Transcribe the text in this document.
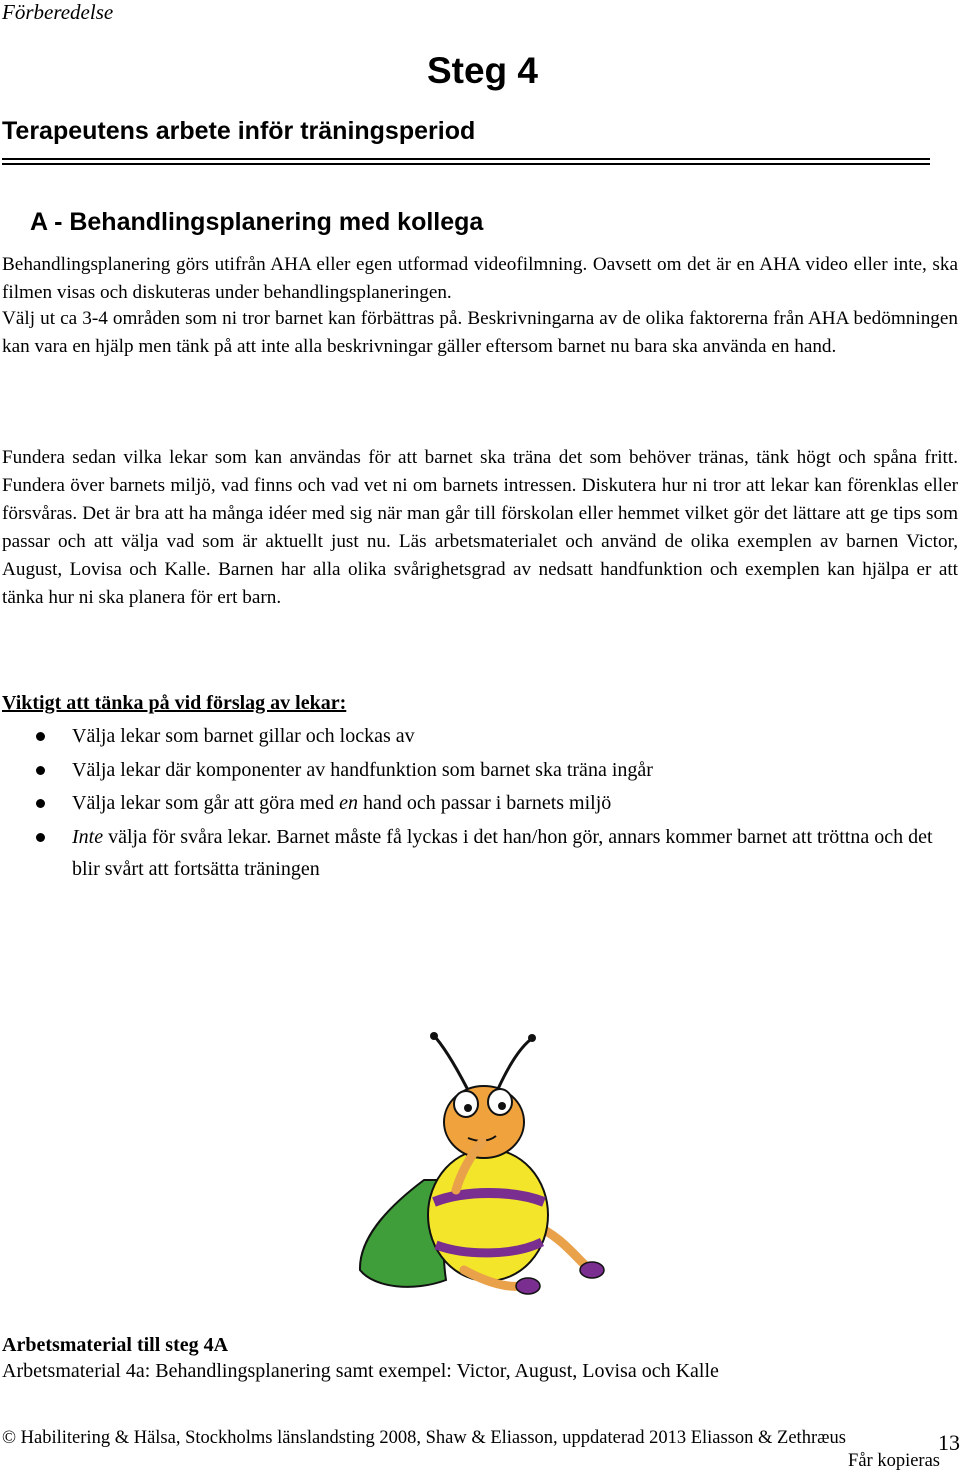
Förberedelse
Steg 4
Terapeutens arbete inför träningsperiod
A - Behandlingsplanering med kollega
Behandlingsplanering görs utifrån AHA eller egen utformad videofilmning. Oavsett om det är en AHA video eller inte, ska filmen visas och diskuteras under behandlingsplaneringen.
Välj ut ca 3-4 områden som ni tror barnet kan förbättras på. Beskrivningarna av de olika faktorerna från AHA bedömningen kan vara en hjälp men tänk på att inte alla beskrivningar gäller eftersom barnet nu bara ska använda en hand.
Fundera sedan vilka lekar som kan användas för att barnet ska träna det som behöver tränas, tänk högt och spåna fritt. Fundera över barnets miljö, vad finns och vad vet ni om barnets intressen. Diskutera hur ni tror att lekar kan förenklas eller försvåras. Det är bra att ha många idéer med sig när man går till förskolan eller hemmet vilket gör det lättare att ge tips som passar och att välja vad som är aktuellt just nu. Läs arbetsmaterialet och använd de olika exemplen av barnen Victor, August, Lovisa och Kalle. Barnen har alla olika svårighetsgrad av nedsatt handfunktion och exemplen kan hjälpa er att tänka hur ni ska planera för ert barn.
Viktigt att tänka på vid förslag av lekar:
Välja lekar som barnet gillar och lockas av
Välja lekar där komponenter av handfunktion som barnet ska träna ingår
Välja lekar som går att göra med en hand och passar i barnets miljö
Inte välja för svåra lekar. Barnet måste få lyckas i det han/hon gör, annars kommer barnet att tröttna och det blir svårt att fortsätta träningen
Arbetsmaterial till steg 4A
Arbetsmaterial 4a: Behandlingsplanering samt exempel: Victor, August, Lovisa och Kalle
© Habilitering & Hälsa, Stockholms länslandsting 2008, Shaw & Eliasson, uppdaterad 2013 Eliasson & Zethræus	13
Får kopieras
